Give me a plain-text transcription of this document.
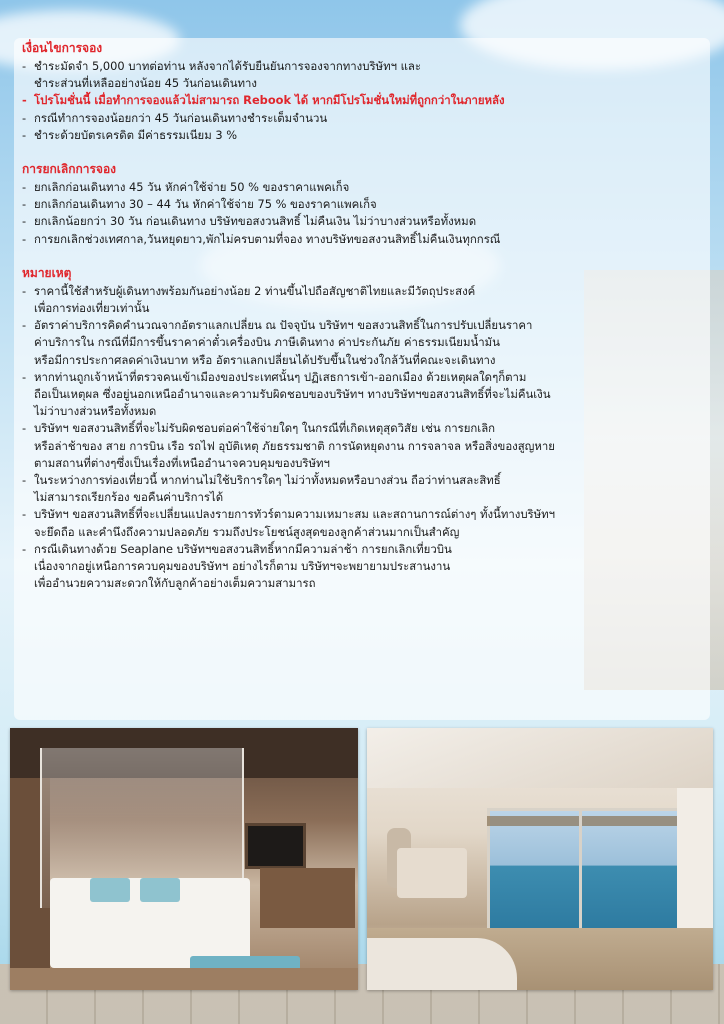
เงื่อนไขการจอง
- ชำระมัดจำ 5,000 บาทต่อท่าน หลังจากได้รับยืนยันการจองจากทางบริษัทฯ และ
ชำระส่วนที่เหลืออย่างน้อย 45 วันก่อนเดินทาง
- โปรโมชั่นนี้ เมื่อทำการจองแล้วไม่สามารถ Rebook ได้ หากมีโปรโมชั่นใหม่ที่ถูกกว่าในภายหลัง
- กรณีทำการจองน้อยกว่า 45 วันก่อนเดินทางชำระเต็มจำนวน
- ชำระด้วยบัตรเครดิต มีค่าธรรมเนียม 3 %
การยกเลิกการจอง
- ยกเลิกก่อนเดินทาง 45 วัน หักค่าใช้จ่าย 50 % ของราคาแพคเก็จ
- ยกเลิกก่อนเดินทาง 30 – 44 วัน หักค่าใช้จ่าย 75 % ของราคาแพคเก็จ
- ยกเลิกน้อยกว่า 30 วัน ก่อนเดินทาง บริษัทขอสงวนสิทธิ์ ไม่คืนเงิน ไม่ว่าบางส่วนหรือทั้งหมด
- การยกเลิกช่วงเทศกาล,วันหยุดยาว,พักไม่ครบตามที่จอง ทางบริษัทขอสงวนสิทธิ์ไม่คืนเงินทุกกรณี
หมายเหตุ
- ราคานี้ใช้สำหรับผู้เดินทางพร้อมกันอย่างน้อย 2 ท่านขึ้นไปถือสัญชาติไทยและมีวัตถุประสงค์
เพื่อการท่องเที่ยวเท่านั้น
- อัตราค่าบริการคิดคำนวณจากอัตราแลกเปลี่ยน ณ ปัจจุบัน บริษัทฯ ขอสงวนสิทธิ์ในการปรับเปลี่ยนราคา
ค่าบริการใน กรณีที่มีการขึ้นราคาค่าตั๋วเครื่องบิน ภาษีเดินทาง ค่าประกันภัย ค่าธรรมเนียมน้ำมัน
หรือมีการประกาศลดค่าเงินบาท หรือ อัตราแลกเปลี่ยนได้ปรับขึ้นในช่วงใกล้วันที่คณะจะเดินทาง
- หากท่านถูกเจ้าหน้าที่ตรวจคนเข้าเมืองของประเทศนั้นๆ ปฏิเสธการเข้า-ออกเมือง ด้วยเหตุผลใดๆก็ตาม
ถือเป็นเหตุผล ซึ่งอยู่นอกเหนืออำนาจและความรับผิดชอบของบริษัทฯ ทางบริษัทฯขอสงวนสิทธิ์ที่จะไม่คืนเงิน
ไม่ว่าบางส่วนหรือทั้งหมด
- บริษัทฯ ขอสงวนสิทธิ์ที่จะไม่รับผิดชอบต่อค่าใช้จ่ายใดๆ ในกรณีที่เกิดเหตุสุดวิสัย เช่น การยกเลิก
หรือล่าช้าของ สาย การบิน เรือ รถไฟ อุบัติเหตุ ภัยธรรมชาติ การนัดหยุดงาน การจลาจล หรือสิ่งของสูญหาย
ตามสถานที่ต่างๆซึ่งเป็นเรื่องที่เหนืออำนาจควบคุมของบริษัทฯ
- ในระหว่างการท่องเที่ยวนี้ หากท่านไม่ใช้บริการใดๆ ไม่ว่าทั้งหมดหรือบางส่วน ถือว่าท่านสละสิทธิ์
ไม่สามารถเรียกร้อง ขอคืนค่าบริการได้
- บริษัทฯ ขอสงวนสิทธิ์ที่จะเปลี่ยนแปลงรายการทัวร์ตามความเหมาะสม และสถานการณ์ต่างๆ ทั้งนี้ทางบริษัทฯ
จะยึดถือ และคำนึงถึงความปลอดภัย รวมถึงประโยชน์สูงสุดของลูกค้าส่วนมากเป็นสำคัญ
- กรณีเดินทางด้วย Seaplane บริษัทฯขอสงวนสิทธิ์หากมีความล่าช้า การยกเลิกเที่ยวบิน
เนื่องจากอยู่เหนือการควบคุมของบริษัทฯ อย่างไรก็ตาม บริษัทฯจะพยายามประสานงาน
เพื่ออำนวยความสะดวกให้กับลูกค้าอย่างเต็มความสามารถ
